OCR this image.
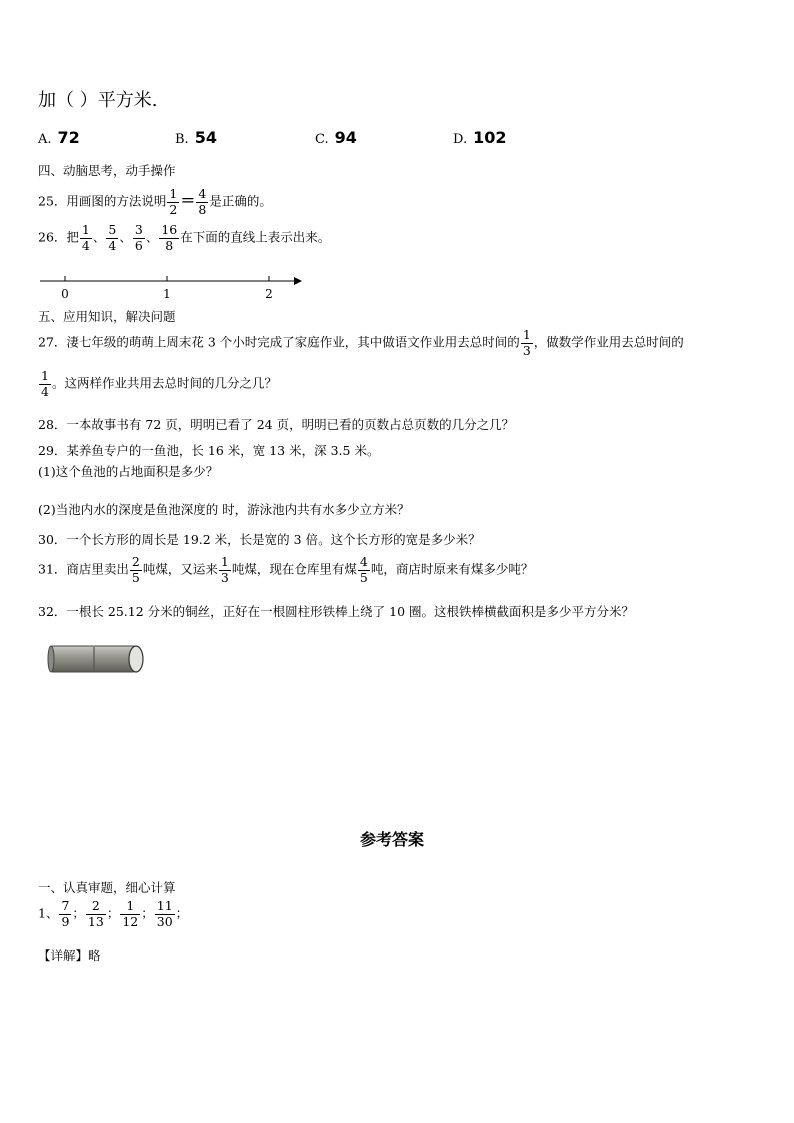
加（ ）平方米.
A. 72	B. 54	C. 94	D. 102
四、动脑思考，动手操作
25．用画图的方法说明 $\frac{1}{2} = \frac{4}{8}$ 是正确的。
26．把 $\frac{1}{4}$ 、 $\frac{5}{4}$ 、 $\frac{3}{6}$ 、 $\frac{16}{8}$ 在下面的直线上表示出来。
0	1	2
五、应用知识，解决问题
27．淒七年级的萌萌上周末花 3 个小时完成了家庭作业，其中做语文作业用去总时间的 $\frac{1}{3}$ ，做数学作业用去总时间的
$\frac{1}{4}$ 。这两样作业共用去总时间的几分之几？
28．一本故事书有 72 页，明明已看了 24 页，明明已看的页数占总页数的几分之几？
29．某养鱼专户的一鱼池，长 16 米，宽 13 米，深 3.5 米。
(1)这个鱼池的占地面积是多少？
(2)当池内水的深度是鱼池深度的 时，游泳池内共有水多少立方米？
30．一个长方形的周长是 19.2 米，长是宽的 3 倍。这个长方形的宽是多少米？
31．商店里卖出 $\frac{2}{5}$ 吨煤，又运来 $\frac{1}{3}$ 吨煤，现在仓库里有煤 $\frac{4}{5}$ 吨，商店时原来有煤多少吨？
32．一根长 25.12 分米的铜丝，正好在一根圆柱形铁棒上绕了 10 圈。这根铁棒横截面积是多少平方分米？
参考答案
一、认真审题，细心计算
1、 $\frac{7}{9}$ ； $\frac{2}{13}$ ； $\frac{1}{12}$ ； $\frac{11}{30}$ ；
【详解】略
